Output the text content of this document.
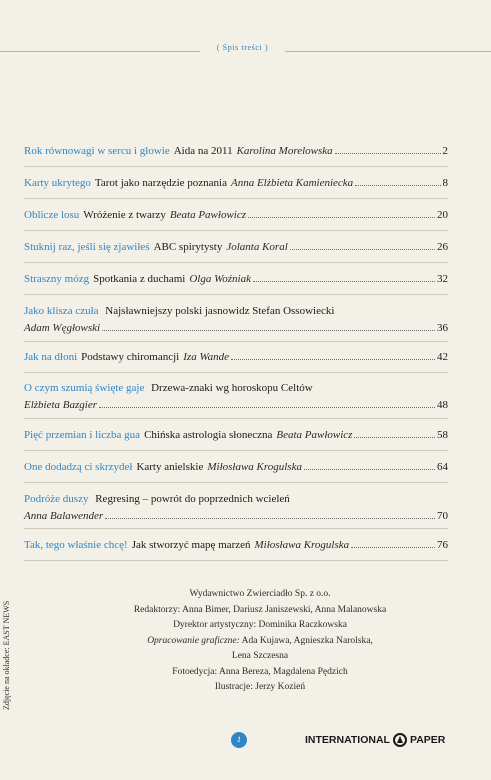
( Spis treści )
Rok równowagi w sercu i głowie Aida na 2011 Karolina Morelowska	2
Karty ukrytego Tarot jako narzędzie poznania Anna Elżbieta Kamieniecka	8
Oblicze losu Wróżenie z twarzy Beata Pawłowicz	20
Stuknij raz, jeśli się zjawiłeś ABC spirytysty Jolanta Koral	26
Straszny mózg Spotkania z duchami Olga Woźniak	32
Jako klisza czuła Najsławniejszy polski jasnowidz Stefan Ossowiecki
Adam Węgłowski	36
Jak na dłoni Podstawy chiromancji Iza Wande	42
O czym szumią święte gaje Drzewa-znaki wg horoskopu Celtów
Elżbieta Bazgier	48
Pięć przemian i liczba gua Chińska astrologia słoneczna Beata Pawłowicz	58
One dodadzą ci skrzydeł Karty anielskie Miłosława Krogulska	64
Podróże duszy Regresing – powrót do poprzednich wcieleń
Anna Balawender	70
Tak, tego właśnie chcę! Jak stworzyć mapę marzeń Miłosława Krogulska	76
Wydawnictwo Zwierciadło Sp. z o.o.
Redaktorzy: Anna Bimer, Dariusz Janiszewski, Anna Malanowska
Dyrektor artystyczny: Dominika Raczkowska
Opracowanie graficzne: Ada Kujawa, Agnieszka Narolska,
Lena Szczesna
Fotoedycja: Anna Bereza, Magdalena Pędzich
Ilustracje: Jerzy Kozień
Zdjęcie na okładce: EAST NEWS
1	INTERNATIONAL PAPER
